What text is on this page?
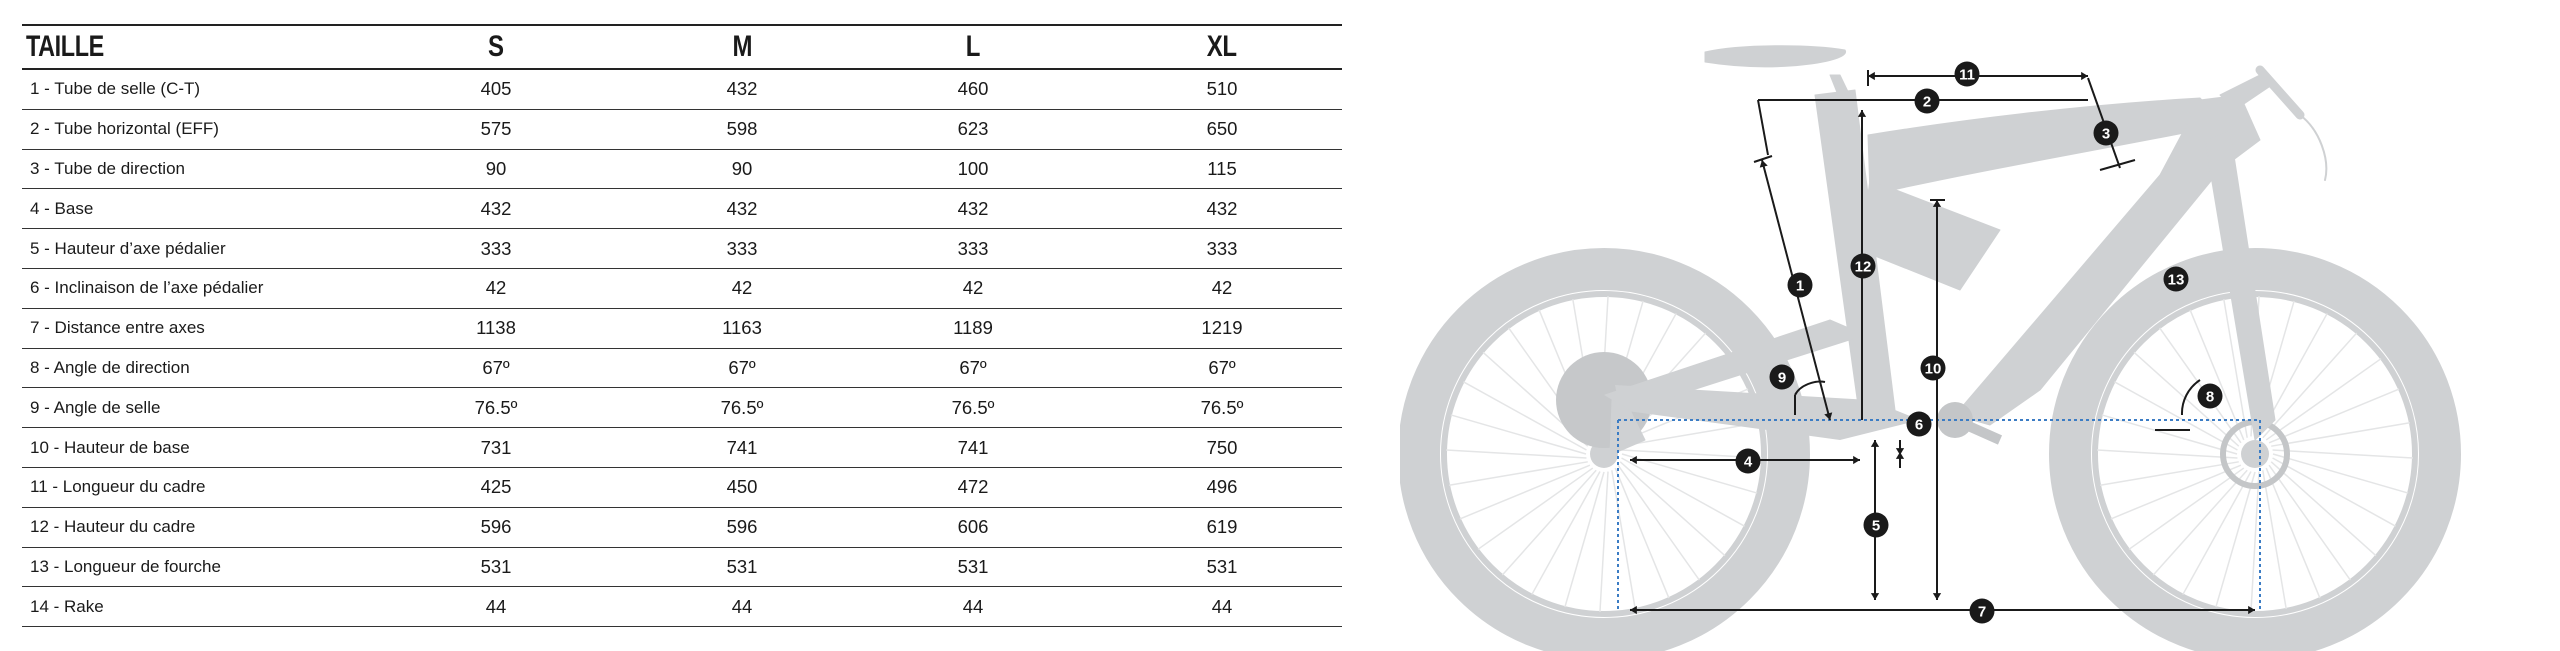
TAILLE	S	M	L	XL
1 - Tube de selle (C-T)	405	432	460	510
2 - Tube horizontal (EFF)	575	598	623	650
3 - Tube de direction	90	90	100	115
4 - Base	432	432	432	432
5 - Hauteur d’axe pédalier	333	333	333	333
6 - Inclinaison de l’axe pédalier	42	42	42	42
7 - Distance entre axes	1138	1163	1189	1219
8 - Angle de direction	67º	67º	67º	67º
9 - Angle de selle	76.5º	76.5º	76.5º	76.5º
10 - Hauteur de base	731	741	741	750
11 - Longueur du cadre	425	450	472	496
12 - Hauteur du cadre	596	596	606	619
13 - Longueur de fourche	531	531	531	531
14 - Rake	44	44	44	44
1
2
3
4
5
6
7
8
9
10
11
12
13
